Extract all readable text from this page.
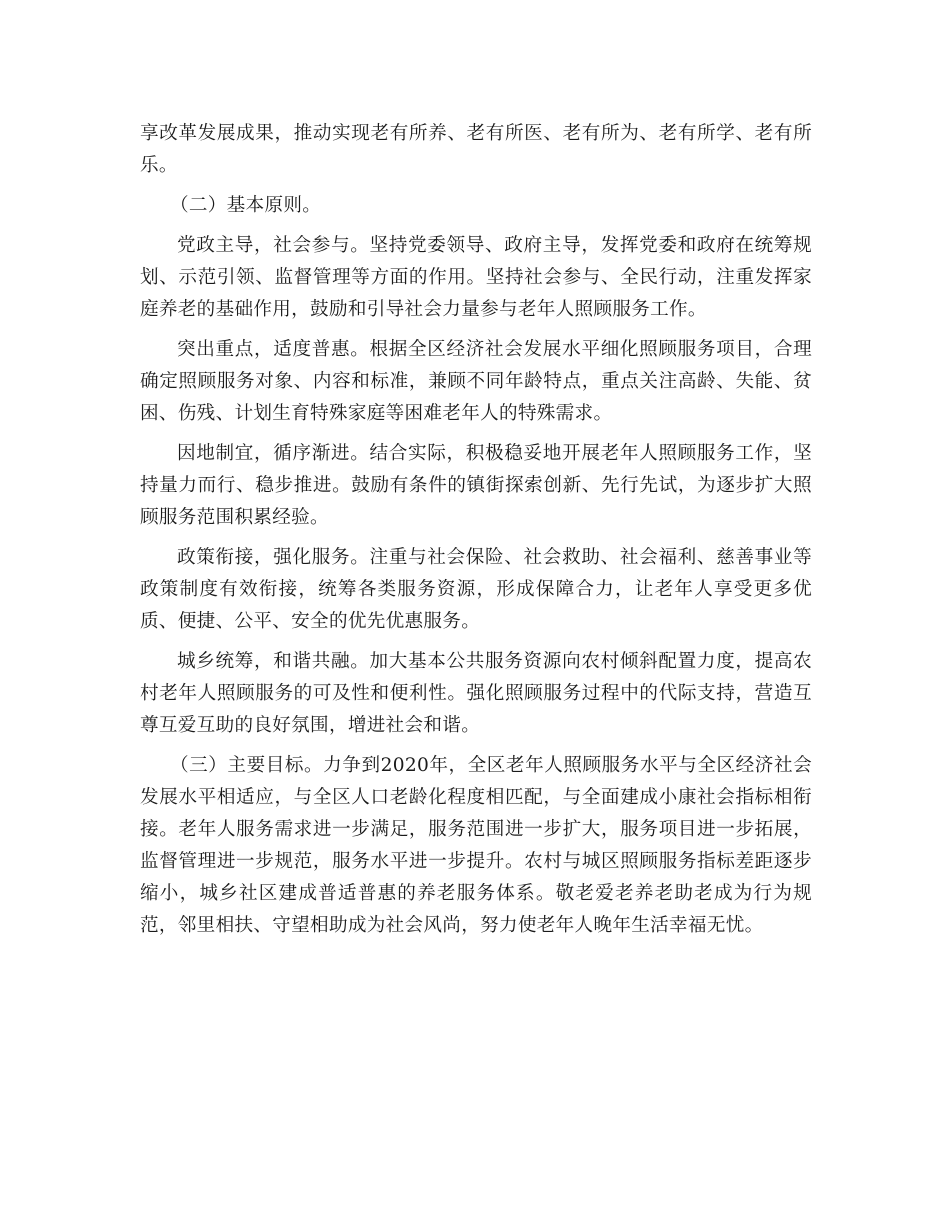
享改革发展成果，推动实现老有所养、老有所医、老有所为、老有所学、老有所乐。

（二）基本原则。

党政主导，社会参与。坚持党委领导、政府主导，发挥党委和政府在统筹规划、示范引领、监督管理等方面的作用。坚持社会参与、全民行动，注重发挥家庭养老的基础作用，鼓励和引导社会力量参与老年人照顾服务工作。

突出重点，适度普惠。根据全区经济社会发展水平细化照顾服务项目，合理确定照顾服务对象、内容和标准，兼顾不同年龄特点，重点关注高龄、失能、贫困、伤残、计划生育特殊家庭等困难老年人的特殊需求。

因地制宜，循序渐进。结合实际，积极稳妥地开展老年人照顾服务工作，坚持量力而行、稳步推进。鼓励有条件的镇街探索创新、先行先试，为逐步扩大照顾服务范围积累经验。

政策衔接，强化服务。注重与社会保险、社会救助、社会福利、慈善事业等政策制度有效衔接，统筹各类服务资源，形成保障合力，让老年人享受更多优质、便捷、公平、安全的优先优惠服务。

城乡统筹，和谐共融。加大基本公共服务资源向农村倾斜配置力度，提高农村老年人照顾服务的可及性和便利性。强化照顾服务过程中的代际支持，营造互尊互爱互助的良好氛围，增进社会和谐。

（三）主要目标。力争到2020年，全区老年人照顾服务水平与全区经济社会发展水平相适应，与全区人口老龄化程度相匹配，与全面建成小康社会指标相衔接。老年人服务需求进一步满足，服务范围进一步扩大，服务项目进一步拓展，监督管理进一步规范，服务水平进一步提升。农村与城区照顾服务指标差距逐步缩小，城乡社区建成普适普惠的养老服务体系。敬老爱老养老助老成为行为规范，邻里相扶、守望相助成为社会风尚，努力使老年人晚年生活幸福无忧。
